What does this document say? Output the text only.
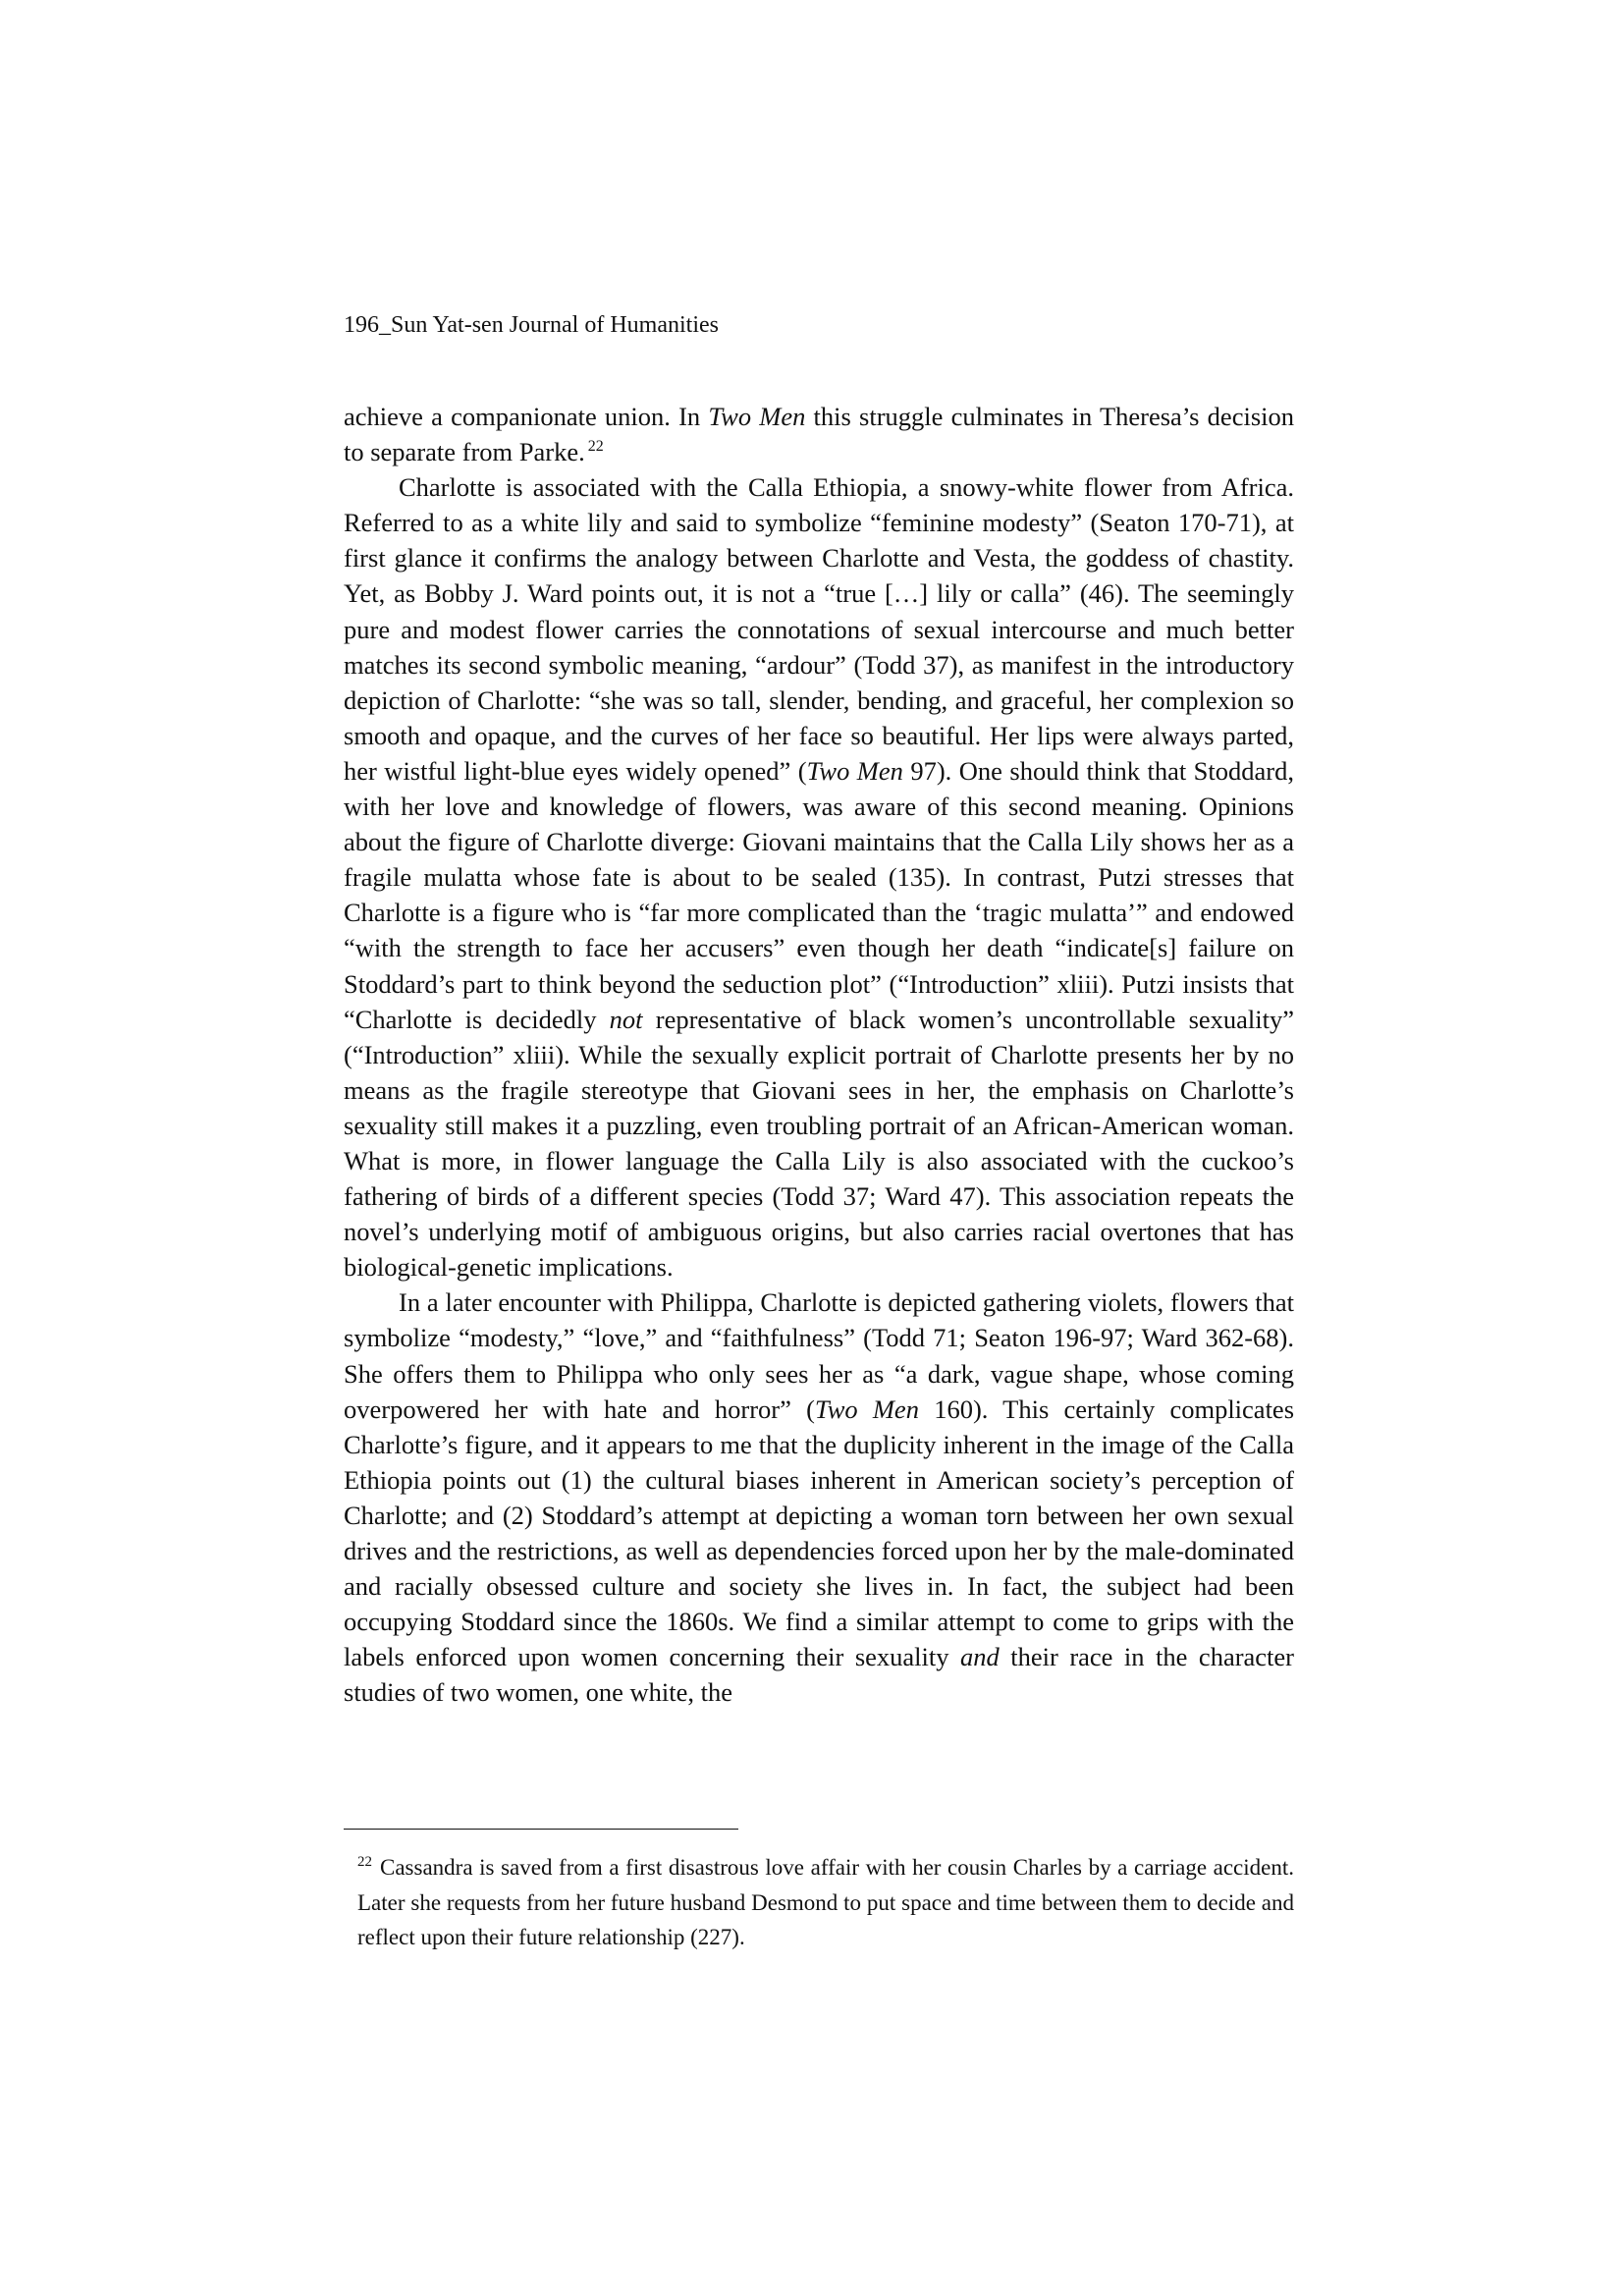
196_Sun Yat-sen Journal of Humanities

achieve a companionate union. In Two Men this struggle culminates in Theresa’s decision to separate from Parke. $^{22}$

Charlotte is associated with the Calla Ethiopia, a snowy-white flower from Africa. Referred to as a white lily and said to symbolize “feminine modesty” (Seaton 170-71), at first glance it confirms the analogy between Charlotte and Vesta, the goddess of chastity. Yet, as Bobby J. Ward points out, it is not a “true […] lily or calla” (46). The seemingly pure and modest flower carries the connotations of sexual intercourse and much better matches its second symbolic meaning, “ardour” (Todd 37), as manifest in the introductory depiction of Charlotte: “she was so tall, slender, bending, and graceful, her complexion so smooth and opaque, and the curves of her face so beautiful. Her lips were always parted, her wistful light-blue eyes widely opened” (Two Men 97). One should think that Stoddard, with her love and knowledge of flowers, was aware of this second meaning. Opinions about the figure of Charlotte diverge: Giovani maintains that the Calla Lily shows her as a fragile mulatta whose fate is about to be sealed (135). In contrast, Putzi stresses that Charlotte is a figure who is “far more complicated than the ‘tragic mulatta’” and endowed “with the strength to face her accusers” even though her death “indicate[s] failure on Stoddard’s part to think beyond the seduction plot” (“Introduction” xliii). Putzi insists that “Charlotte is decidedly not representative of black women’s uncontrollable sexuality” (“Introduction” xliii). While the sexually explicit portrait of Charlotte presents her by no means as the fragile stereotype that Giovani sees in her, the emphasis on Charlotte’s sexuality still makes it a puzzling, even troubling portrait of an African-American woman. What is more, in flower language the Calla Lily is also associated with the cuckoo’s fathering of birds of a different species (Todd 37; Ward 47). This association repeats the novel’s underlying motif of ambiguous origins, but also carries racial overtones that has biological-genetic implications.

In a later encounter with Philippa, Charlotte is depicted gathering violets, flowers that symbolize “modesty,” “love,” and “faithfulness” (Todd 71; Seaton 196-97; Ward 362-68). She offers them to Philippa who only sees her as “a dark, vague shape, whose coming overpowered her with hate and horror” (Two Men 160). This certainly complicates Charlotte’s figure, and it appears to me that the duplicity inherent in the image of the Calla Ethiopia points out (1) the cultural biases inherent in American society’s perception of Charlotte; and (2) Stoddard’s attempt at depicting a woman torn between her own sexual drives and the restrictions, as well as dependencies forced upon her by the male-dominated and racially obsessed culture and society she lives in. In fact, the subject had been occupying Stoddard since the 1860s. We find a similar attempt to come to grips with the labels enforced upon women concerning their sexuality and their race in the character studies of two women, one white, the

$^{22}$ Cassandra is saved from a first disastrous love affair with her cousin Charles by a carriage accident. Later she requests from her future husband Desmond to put space and time between them to decide and reflect upon their future relationship (227).
